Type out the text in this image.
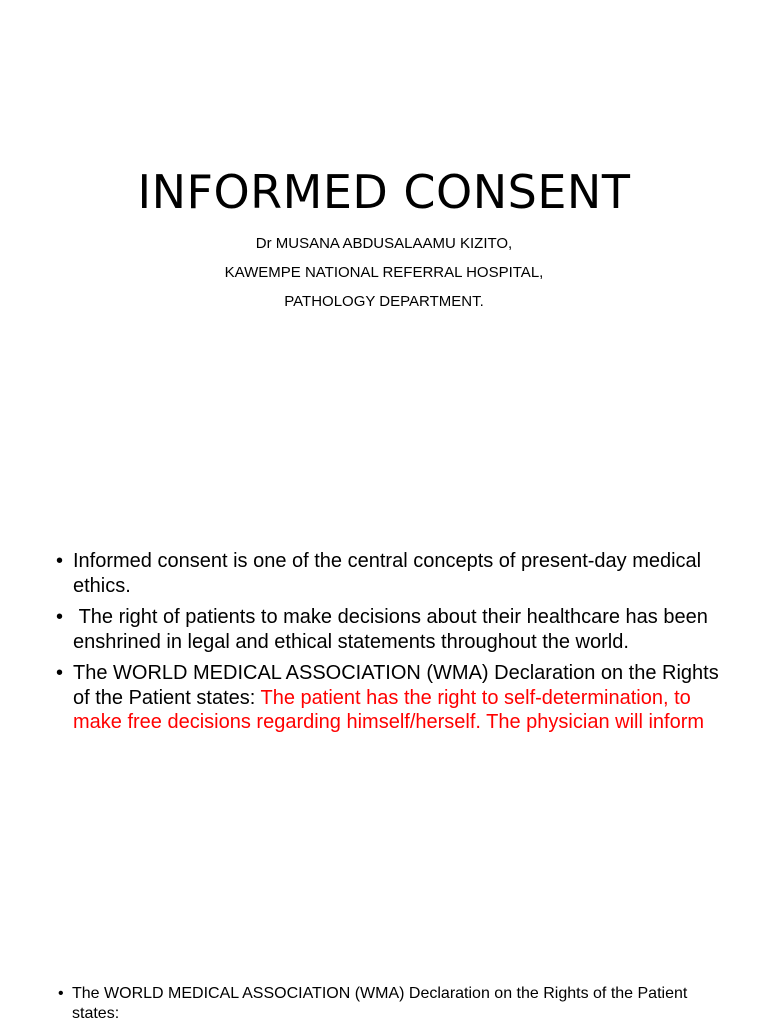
INFORMED CONSENT
Dr MUSANA ABDUSALAAMU KIZITO,
KAWEMPE NATIONAL REFERRAL HOSPITAL,
PATHOLOGY DEPARTMENT.
• Informed consent is one of the central concepts of present-day medical ethics.
• The right of patients to make decisions about their healthcare has been enshrined in legal and ethical statements throughout the world.
• The WORLD MEDICAL ASSOCIATION (WMA) Declaration on the Rights of the Patient states: The patient has the right to self-determination, to make free decisions regarding himself/herself. The physician will inform
• The WORLD MEDICAL ASSOCIATION (WMA) Declaration on the Rights of the Patient states:
